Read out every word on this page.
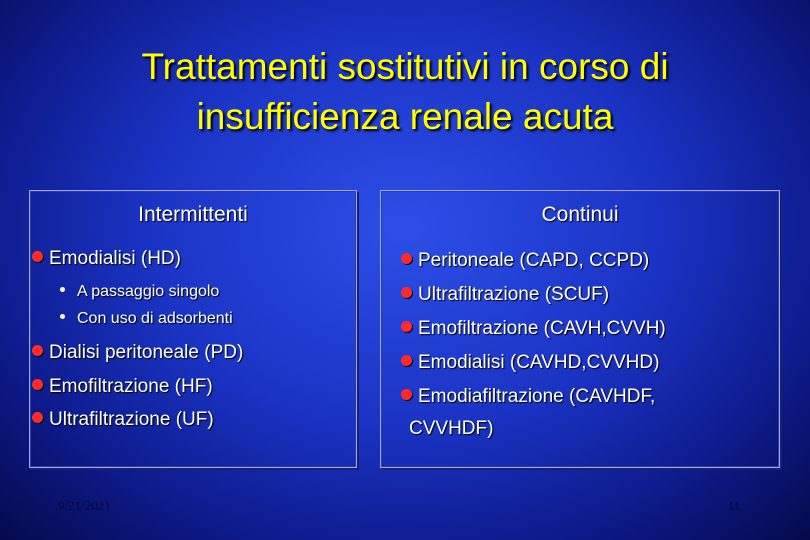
Trattamenti sostitutivi in corso di
insufficienza renale acuta
Intermittenti
Emodialisi (HD)
A passaggio singolo
Con uso di adsorbenti
Dialisi peritoneale (PD)
Emofiltrazione (HF)
Ultrafiltrazione (UF)
Continui
Peritoneale (CAPD, CCPD)
Ultrafiltrazione (SCUF)
Emofiltrazione (CAVH,CVVH)
Emodialisi (CAVHD,CVVHD)
Emodiafiltrazione (CAVHDF,
CVVHDF)
9/21/2021	11
